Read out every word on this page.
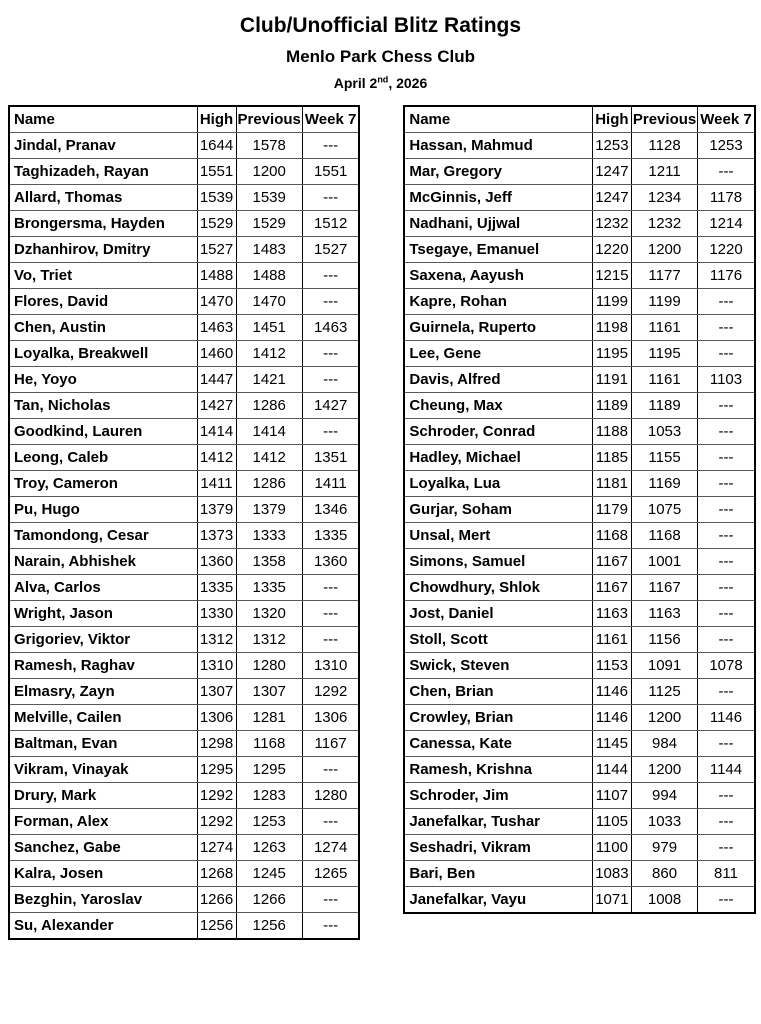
Club/Unofficial Blitz Ratings
Menlo Park Chess Club
April 2nd, 2026
Name	High	Previous	Week 7
Jindal, Pranav	1644	1578	---
Taghizadeh, Rayan	1551	1200	1551
Allard, Thomas	1539	1539	---
Brongersma, Hayden	1529	1529	1512
Dzhanhirov, Dmitry	1527	1483	1527
Vo, Triet	1488	1488	---
Flores, David	1470	1470	---
Chen, Austin	1463	1451	1463
Loyalka, Breakwell	1460	1412	---
He, Yoyo	1447	1421	---
Tan, Nicholas	1427	1286	1427
Goodkind, Lauren	1414	1414	---
Leong, Caleb	1412	1412	1351
Troy, Cameron	1411	1286	1411
Pu, Hugo	1379	1379	1346
Tamondong, Cesar	1373	1333	1335
Narain, Abhishek	1360	1358	1360
Alva, Carlos	1335	1335	---
Wright, Jason	1330	1320	---
Grigoriev, Viktor	1312	1312	---
Ramesh, Raghav	1310	1280	1310
Elmasry, Zayn	1307	1307	1292
Melville, Cailen	1306	1281	1306
Baltman, Evan	1298	1168	1167
Vikram, Vinayak	1295	1295	---
Drury, Mark	1292	1283	1280
Forman, Alex	1292	1253	---
Sanchez, Gabe	1274	1263	1274
Kalra, Josen	1268	1245	1265
Bezghin, Yaroslav	1266	1266	---
Su, Alexander	1256	1256	---
Name	High	Previous	Week 7
Hassan, Mahmud	1253	1128	1253
Mar, Gregory	1247	1211	---
McGinnis, Jeff	1247	1234	1178
Nadhani, Ujjwal	1232	1232	1214
Tsegaye, Emanuel	1220	1200	1220
Saxena, Aayush	1215	1177	1176
Kapre, Rohan	1199	1199	---
Guirnela, Ruperto	1198	1161	---
Lee, Gene	1195	1195	---
Davis, Alfred	1191	1161	1103
Cheung, Max	1189	1189	---
Schroder, Conrad	1188	1053	---
Hadley, Michael	1185	1155	---
Loyalka, Lua	1181	1169	---
Gurjar, Soham	1179	1075	---
Unsal, Mert	1168	1168	---
Simons, Samuel	1167	1001	---
Chowdhury, Shlok	1167	1167	---
Jost, Daniel	1163	1163	---
Stoll, Scott	1161	1156	---
Swick, Steven	1153	1091	1078
Chen, Brian	1146	1125	---
Crowley, Brian	1146	1200	1146
Canessa, Kate	1145	984	---
Ramesh, Krishna	1144	1200	1144
Schroder, Jim	1107	994	---
Janefalkar, Tushar	1105	1033	---
Seshadri, Vikram	1100	979	---
Bari, Ben	1083	860	811
Janefalkar, Vayu	1071	1008	---
